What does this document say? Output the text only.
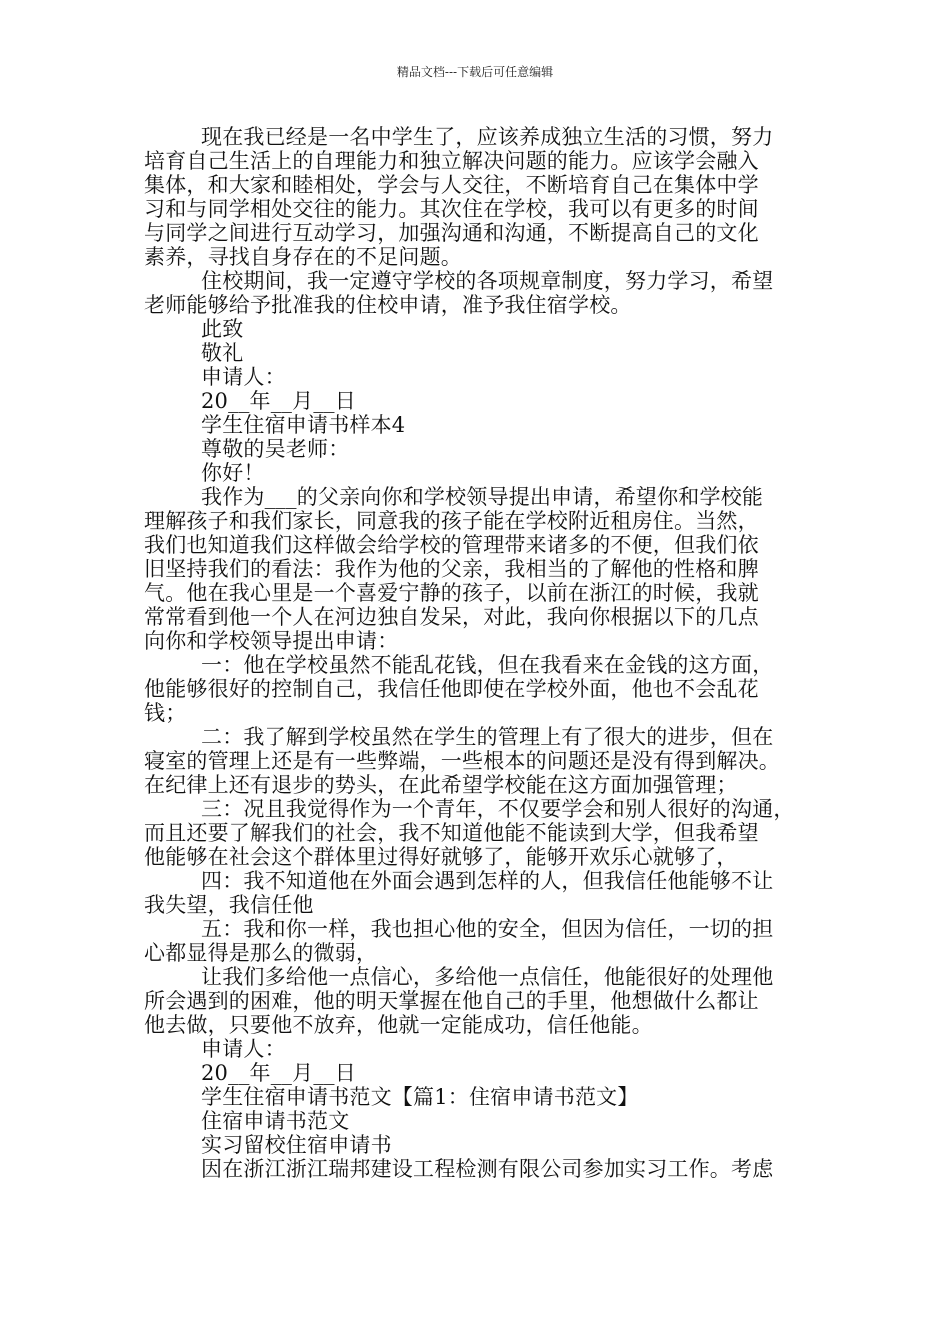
精品文档---下载后可任意编辑

现在我已经是一名中学生了，应该养成独立生活的习惯，努力

培育自己生活上的自理能力和独立解决问题的能力。应该学会融入

集体，和大家和睦相处，学会与人交往，不断培育自己在集体中学

习和与同学相处交往的能力。其次住在学校，我可以有更多的时间

与同学之间进行互动学习，加强沟通和沟通，不断提高自己的文化

素养，寻找自身存在的不足问题。

住校期间，我一定遵守学校的各项规章制度，努力学习，希望

老师能够给予批准我的住校申请，准予我住宿学校。

此致

敬礼

申请人：

20__年__月__日

学生住宿申请书样本4

尊敬的吴老师：

你好！

我作为___的父亲向你和学校领导提出申请，希望你和学校能

理解孩子和我们家长，同意我的孩子能在学校附近租房住。当然，

我们也知道我们这样做会给学校的管理带来诸多的不便，但我们依

旧坚持我们的看法：我作为他的父亲，我相当的了解他的性格和脾

气。他在我心里是一个喜爱宁静的孩子，以前在浙江的时候，我就

常常看到他一个人在河边独自发呆，对此，我向你根据以下的几点

向你和学校领导提出申请：

一：他在学校虽然不能乱花钱，但在我看来在金钱的这方面，

他能够很好的控制自己，我信任他即使在学校外面，他也不会乱花

钱；

二：我了解到学校虽然在学生的管理上有了很大的进步，但在

寝室的管理上还是有一些弊端，一些根本的问题还是没有得到解决。

在纪律上还有退步的势头，在此希望学校能在这方面加强管理；

三：况且我觉得作为一个青年，不仅要学会和别人很好的沟通，

而且还要了解我们的社会，我不知道他能不能读到大学，但我希望

他能够在社会这个群体里过得好就够了，能够开欢乐心就够了，

四：我不知道他在外面会遇到怎样的人，但我信任他能够不让

我失望，我信任他

五：我和你一样，我也担心他的安全，但因为信任，一切的担

心都显得是那么的微弱，

让我们多给他一点信心，多给他一点信任，他能很好的处理他

所会遇到的困难，他的明天掌握在他自己的手里，他想做什么都让

他去做，只要他不放弃，他就一定能成功，信任他能。

申请人：

20__年__月__日

学生住宿申请书范文【篇1：住宿申请书范文】

住宿申请书范文

实习留校住宿申请书

因在浙江浙江瑞邦建设工程检测有限公司参加实习工作。考虑
